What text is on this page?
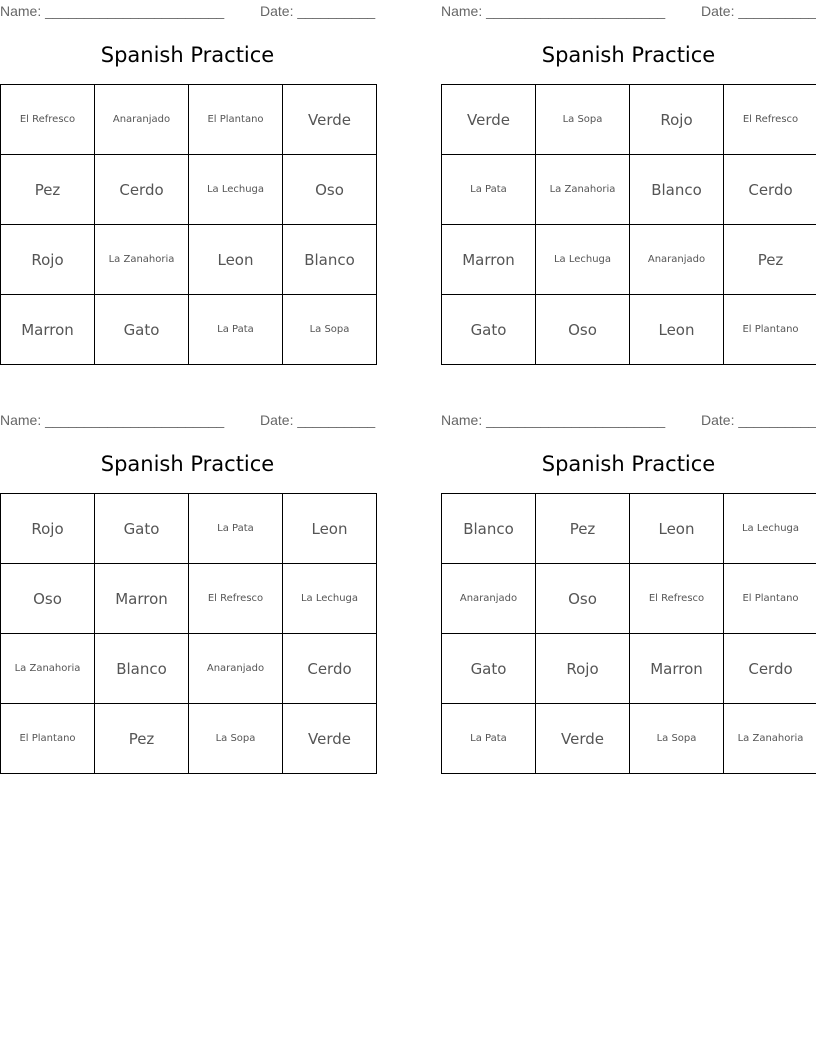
Name: _______________________	Date: __________
Spanish Practice
El Refresco	Anaranjado	El Plantano	Verde
Pez	Cerdo	La Lechuga	Oso
Rojo	La Zanahoria	Leon	Blanco
Marron	Gato	La Pata	La Sopa
Name: _______________________	Date: __________
Spanish Practice
Verde	La Sopa	Rojo	El Refresco
La Pata	La Zanahoria	Blanco	Cerdo
Marron	La Lechuga	Anaranjado	Pez
Gato	Oso	Leon	El Plantano
Name: _______________________	Date: __________
Spanish Practice
Rojo	Gato	La Pata	Leon
Oso	Marron	El Refresco	La Lechuga
La Zanahoria	Blanco	Anaranjado	Cerdo
El Plantano	Pez	La Sopa	Verde
Name: _______________________	Date: __________
Spanish Practice
Blanco	Pez	Leon	La Lechuga
Anaranjado	Oso	El Refresco	El Plantano
Gato	Rojo	Marron	Cerdo
La Pata	Verde	La Sopa	La Zanahoria
